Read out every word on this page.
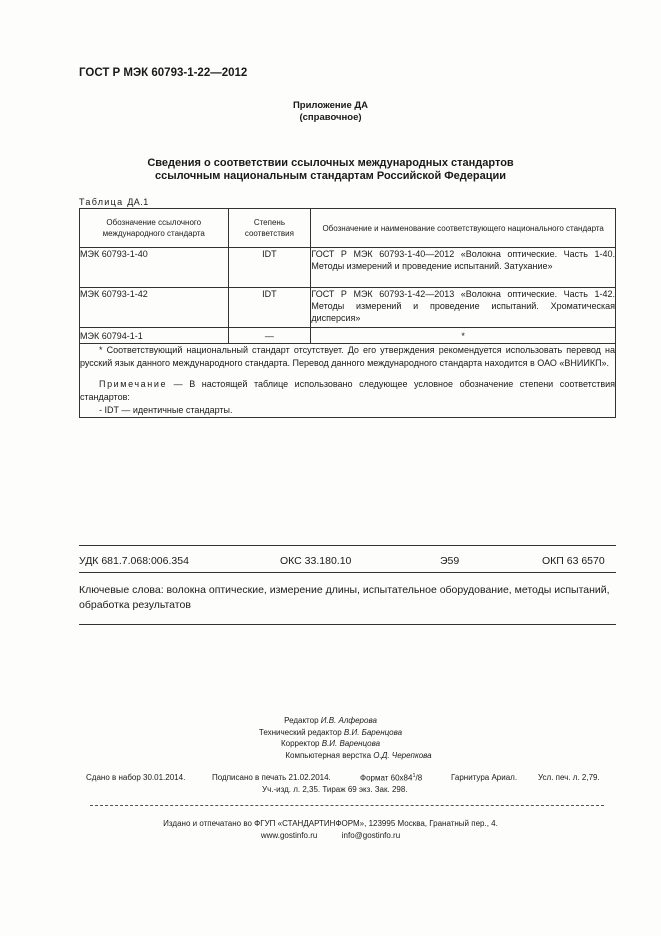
ГОСТ Р МЭК 60793-1-22—2012
Приложение ДА
(справочное)
Сведения о соответствии ссылочных международных стандартов
ссылочным национальным стандартам Российской Федерации
Таблица ДА.1
Обозначение ссылочного международного стандарта	Степень соответствия	Обозначение и наименование соответствующего национального стандарта
МЭК 60793-1-40	IDT	ГОСТ Р МЭК 60793-1-40—2012 «Волокна оптические. Часть 1-40. Методы измерений и проведение испытаний. Затухание»
МЭК 60793-1-42	IDT	ГОСТ Р МЭК 60793-1-42—2013 «Волокна оптические. Часть 1-42. Методы измерений и проведение испытаний. Хроматическая дисперсия»
МЭК 60794-1-1	—	*

* Соответствующий национальный стандарт отсутствует. До его утверждения рекомендуется использовать перевод на русский язык данного международного стандарта. Перевод данного международного стандарта находится в ОАО «ВНИИКП».

Примечание — В настоящей таблице использовано следующее условное обозначение степени соответствия стандартов:

- IDT — идентичные стандарты.		
УДК 681.7.068:006.354	ОКС 33.180.10	Э59	ОКП 63 6570
Ключевые слова: волокна оптические, измерение длины, испытательное оборудование, методы испытаний, обработка результатов
Редактор И.В. Алферова
Технический редактор В.И. Баренцова
Корректор В.И. Варенцова
Компьютерная верстка О.Д. Черепкова
Сдано в набор 30.01.2014.	Подписано в печать 21.02.2014.	Формат $60x84^1/8$	Гарнитура Ариал.	Усл. печ. л. 2,79.
Уч.-изд. л. 2,35. Тираж 69 экз. Зак. 298.
Издано и отпечатано во ФГУП «СТАНДАРТИНФОРМ», 123995 Москва, Гранатный пер., 4.
www.gostinfo.ru	info@gostinfo.ru
